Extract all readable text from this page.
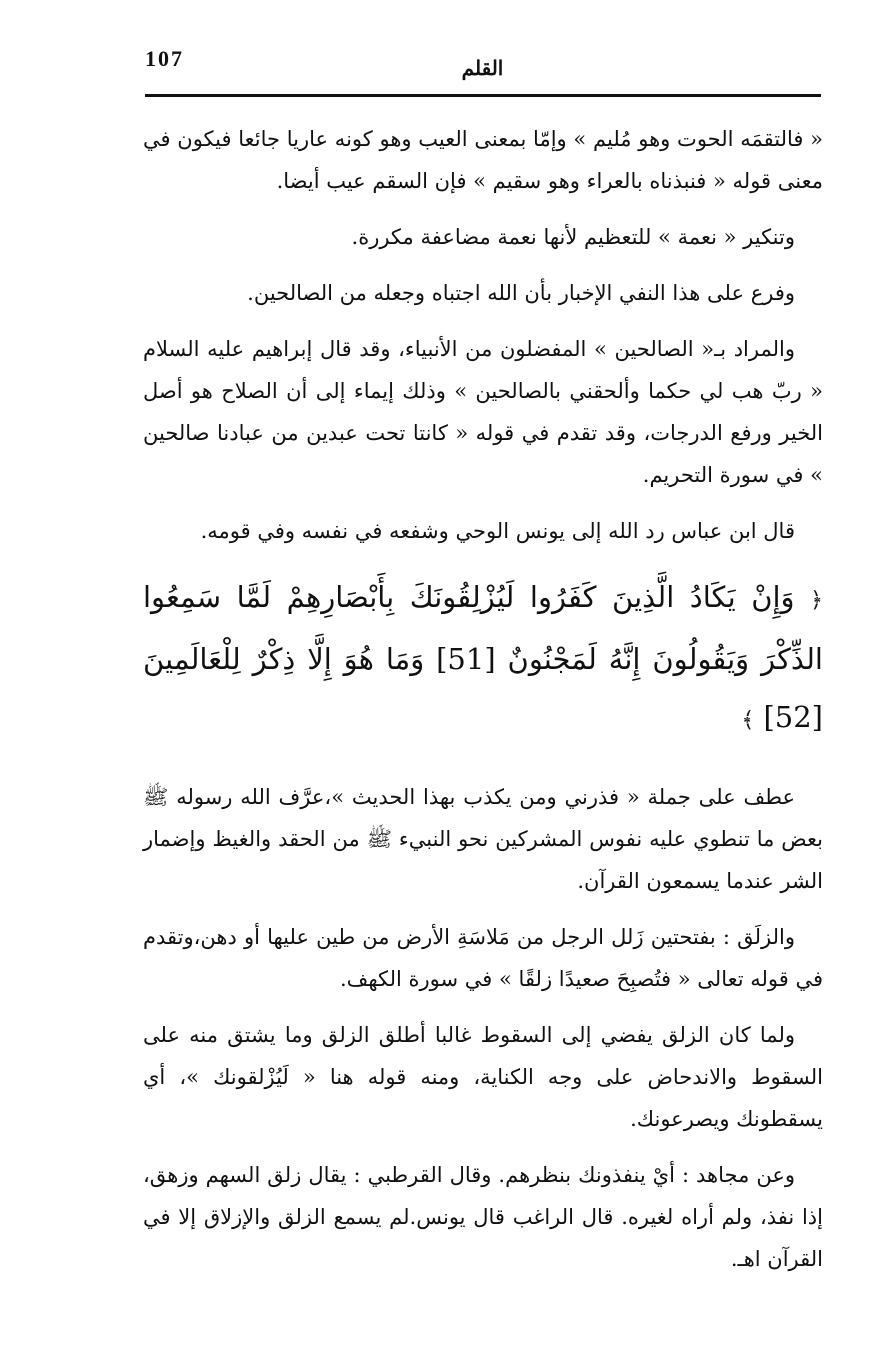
107	القلم

« فالتقمَه الحوت وهو مُليم » وإمّا بمعنى العيب وهو كونه عاريا جائعا فيكون في معنى قوله « فنبذناه بالعراء وهو سقيم » فإن السقم عيب أيضا.

وتنكير « نعمة » للتعظيم لأنها نعمة مضاعفة مكررة.

وفرع على هذا النفي الإخبار بأن الله اجتباه وجعله من الصالحين.

والمراد بـ« الصالحين » المفضلون من الأنبياء، وقد قال إبراهيم عليه السلام « ربّ هب لي حكما وألحقني بالصالحين » وذلك إيماء إلى أن الصلاح هو أصل الخير ورفع الدرجات، وقد تقدم في قوله « كانتا تحت عبدين من عبادنا صالحين » في سورة التحريم.

قال ابن عباس رد الله إلى يونس الوحي وشفعه في نفسه وفي قومه.

﴿ وَإِنْ يَكَادُ الَّذِينَ كَفَرُوا لَيُزْلِقُونَكَ بِأَبْصَارِهِمْ لَمَّا سَمِعُوا الذِّكْرَ وَيَقُولُونَ إِنَّهُ لَمَجْنُونٌ [51] وَمَا هُوَ إِلَّا ذِكْرٌ لِلْعَالَمِينَ [52] ﴾

عطف على جملة « فذرني ومن يكذب بهذا الحديث »،عرَّف الله رسوله ﷺ بعض ما تنطوي عليه نفوس المشركين نحو النبيء ﷺ من الحقد والغيظ وإضمار الشر عندما يسمعون القرآن.

والزلَق : بفتحتين زَلل الرجل من مَلاسَةِ الأرض من طين عليها أو دهن،وتقدم في قوله تعالى « فتُصبِحَ صعيدًا زلقًا » في سورة الكهف.

ولما كان الزلق يفضي إلى السقوط غالبا أطلق الزلق وما يشتق منه على السقوط والاندحاض على وجه الكناية، ومنه قوله هنا « لَيُزْلقونك »، أي يسقطونك ويصرعونك.

وعن مجاهد : أيْ ينفذونك بنظرهم. وقال القرطبي : يقال زلق السهم وزهق، إذا نفذ، ولم أراه لغيره. قال الراغب قال يونس.لم يسمع الزلق والإزلاق إلا في القرآن اهـ.
